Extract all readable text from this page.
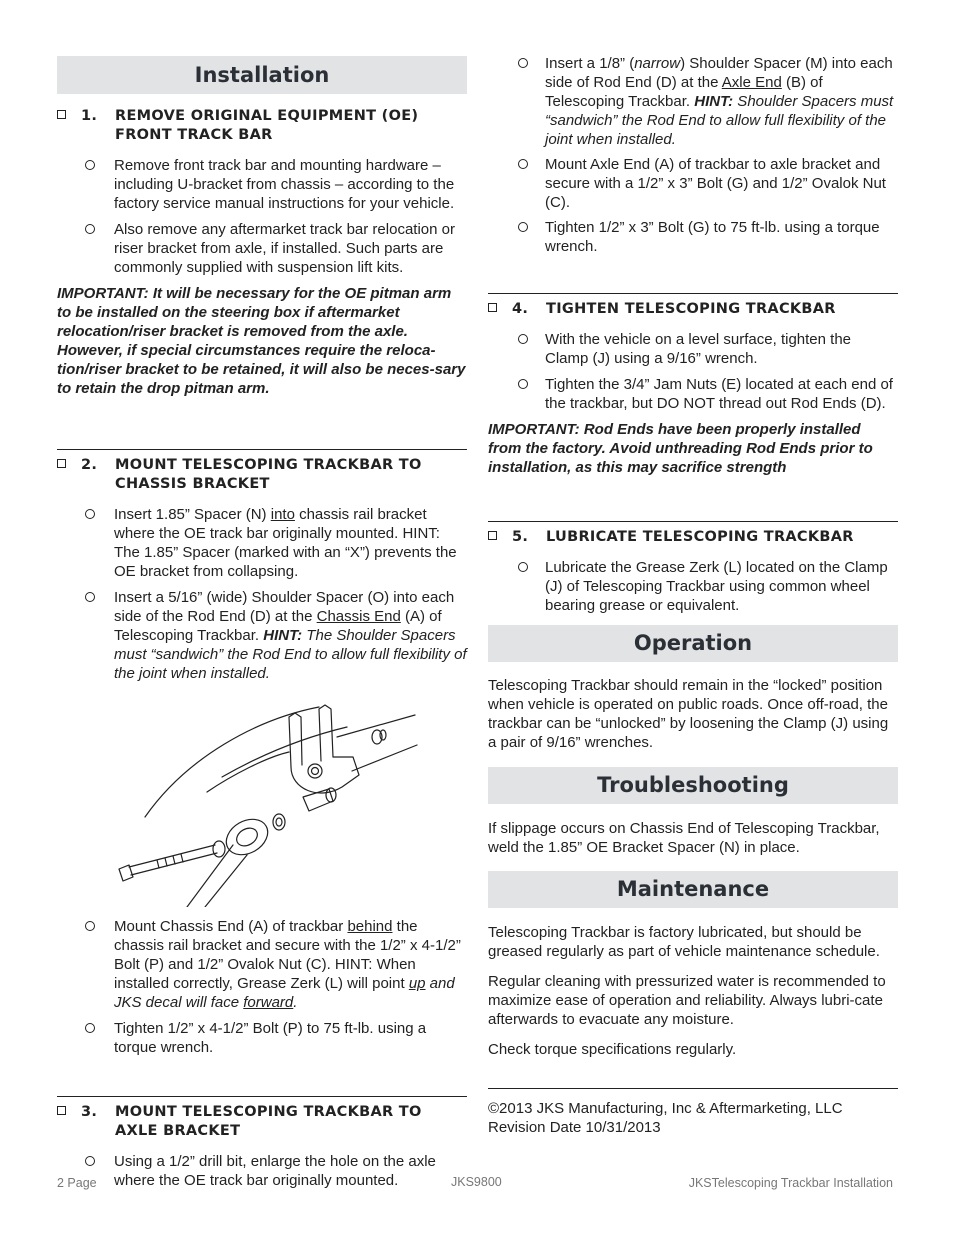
Installation
1. REMOVE ORIGINAL EQUIPMENT (OE) FRONT TRACK BAR
Remove front track bar and mounting hardware – including U-bracket from chassis – according to the factory service manual instructions for your vehicle.
Also remove any aftermarket track bar relocation or riser bracket from axle, if installed. Such parts are commonly supplied with suspension lift kits.
IMPORTANT: It will be necessary for the OE pitman arm to be installed on the steering box if aftermarket relocation/riser bracket is removed from the axle. However, if special circumstances require the reloca-tion/riser bracket to be retained, it will also be neces-sary to retain the drop pitman arm.
2. MOUNT TELESCOPING TRACKBAR TO CHASSIS BRACKET
Insert 1.85” Spacer (N) into chassis rail bracket where the OE track bar originally mounted. HINT: The 1.85” Spacer (marked with an “X”) prevents the OE bracket from collapsing.
Insert a 5/16” (wide) Shoulder Spacer (O) into each side of the Rod End (D) at the Chassis End (A) of Telescoping Trackbar. HINT: The Shoulder Spacers must “sandwich” the Rod End to allow full flexibility of the joint when installed.
Mount Chassis End (A) of trackbar behind the chassis rail bracket and secure with the 1/2” x 4-1/2” Bolt (P) and 1/2” Ovalok Nut (C). HINT: When installed correctly, Grease Zerk (L) will point up and JKS decal will face forward.
Tighten 1/2” x 4-1/2” Bolt (P) to 75 ft-lb. using a torque wrench.
3. MOUNT TELESCOPING TRACKBAR TO AXLE BRACKET
Using a 1/2” drill bit, enlarge the hole on the axle where the OE track bar originally mounted.
Insert a 1/8” (narrow) Shoulder Spacer (M) into each side of Rod End (D) at the Axle End (B) of Telescoping Trackbar. HINT: Shoulder Spacers must “sandwich” the Rod End to allow full flexibility of the joint when installed.
Mount Axle End (A) of trackbar to axle bracket and secure with a 1/2” x 3” Bolt (G) and 1/2” Ovalok Nut (C).
Tighten 1/2” x 3” Bolt (G) to 75 ft-lb. using a torque wrench.
4. TIGHTEN TELESCOPING TRACKBAR
With the vehicle on a level surface, tighten the Clamp (J) using a 9/16” wrench.
Tighten the 3/4” Jam Nuts (E) located at each end of the trackbar, but DO NOT thread out Rod Ends (D).
IMPORTANT: Rod Ends have been properly installed from the factory. Avoid unthreading Rod Ends prior to installation, as this may sacrifice strength
5. LUBRICATE TELESCOPING TRACKBAR
Lubricate the Grease Zerk (L) located on the Clamp (J) of Telescoping Trackbar using common wheel bearing grease or equivalent.
Operation
Telescoping Trackbar should remain in the “locked” position when vehicle is operated on public roads. Once off-road, the trackbar can be “unlocked” by loosening the Clamp (J) using a pair of 9/16” wrenches.
Troubleshooting
If slippage occurs on Chassis End of Telescoping Trackbar, weld the 1.85” OE Bracket Spacer (N) in place.
Maintenance
Telescoping Trackbar is factory lubricated, but should be greased regularly as part of vehicle maintenance schedule.
Regular cleaning with pressurized water is recommended to maximize ease of operation and reliability. Always lubri-cate afterwards to evacuate any moisture.
Check torque specifications regularly.
©2013 JKS Manufacturing, Inc & Aftermarketing, LLC
Revision Date 10/31/2013
2 Page	JKS9800	JKSTelescoping Trackbar Installation
